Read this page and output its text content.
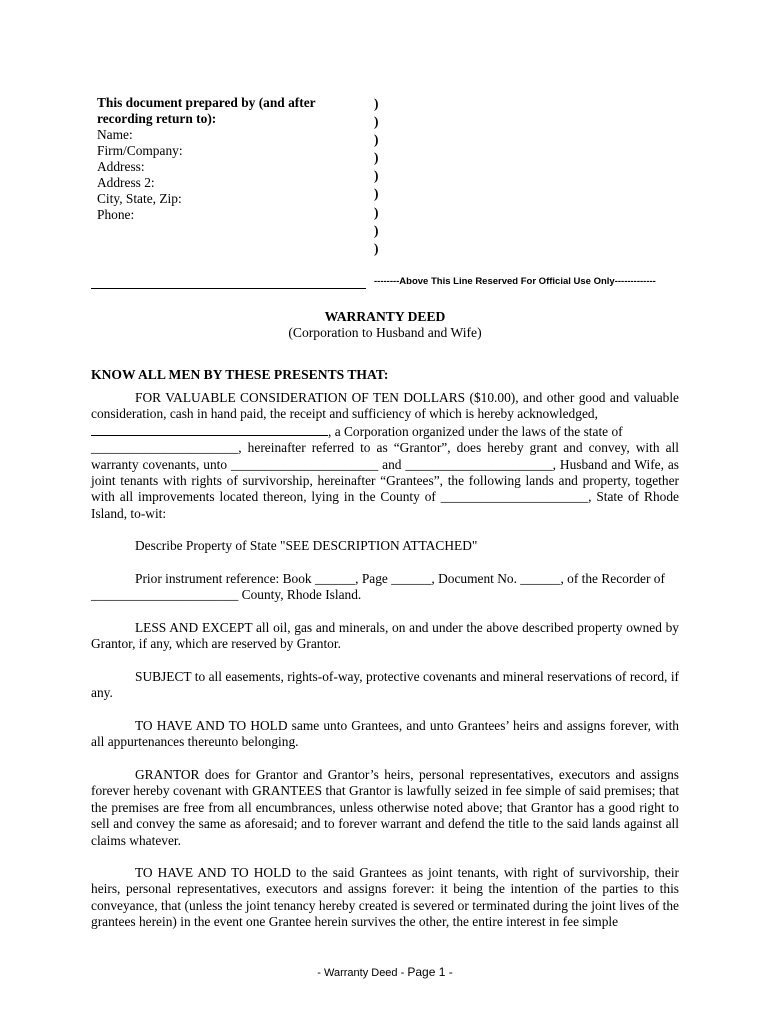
This document prepared by (and after recording return to):
Name:
Firm/Company:
Address:
Address 2:
City, State, Zip:
Phone:
)
)
)
)
)
)
)
)
)
--------Above This Line Reserved For Official Use Only-------------
WARRANTY DEED
(Corporation to Husband and Wife)
KNOW ALL MEN BY THESE PRESENTS THAT:

FOR VALUABLE CONSIDERATION OF TEN DOLLARS ($10.00), and other good and valuable consideration, cash in hand paid, the receipt and sufficiency of which is hereby acknowledged,

, a Corporation organized under the laws of the state of

______________________, hereinafter referred to as “Grantor”, does hereby grant and convey, with all warranty covenants, unto ______________________ and ______________________, Husband and Wife, as joint tenants with rights of survivorship, hereinafter “Grantees”, the following lands and property, together with all improvements located thereon, lying in the County of ______________________, State of Rhode Island, to-wit:

Describe Property of State "SEE DESCRIPTION ATTACHED"

Prior instrument reference: Book ______, Page ______, Document No. ______, of the Recorder of

______________________ County, Rhode Island.

LESS AND EXCEPT all oil, gas and minerals, on and under the above described property owned by Grantor, if any, which are reserved by Grantor.

SUBJECT to all easements, rights-of-way, protective covenants and mineral reservations of record, if any.

TO HAVE AND TO HOLD same unto Grantees, and unto Grantees’ heirs and assigns forever, with all appurtenances thereunto belonging.

GRANTOR does for Grantor and Grantor’s heirs, personal representatives, executors and assigns forever hereby covenant with GRANTEES that Grantor is lawfully seized in fee simple of said premises; that the premises are free from all encumbrances, unless otherwise noted above; that Grantor has a good right to sell and convey the same as aforesaid; and to forever warrant and defend the title to the said lands against all claims whatever.

TO HAVE AND TO HOLD to the said Grantees as joint tenants, with right of survivorship, their heirs, personal representatives, executors and assigns forever: it being the intention of the parties to this conveyance, that (unless the joint tenancy hereby created is severed or terminated during the joint lives of the grantees herein) in the event one Grantee herein survives the other, the entire interest in fee simple

- Warranty Deed - Page 1 -
